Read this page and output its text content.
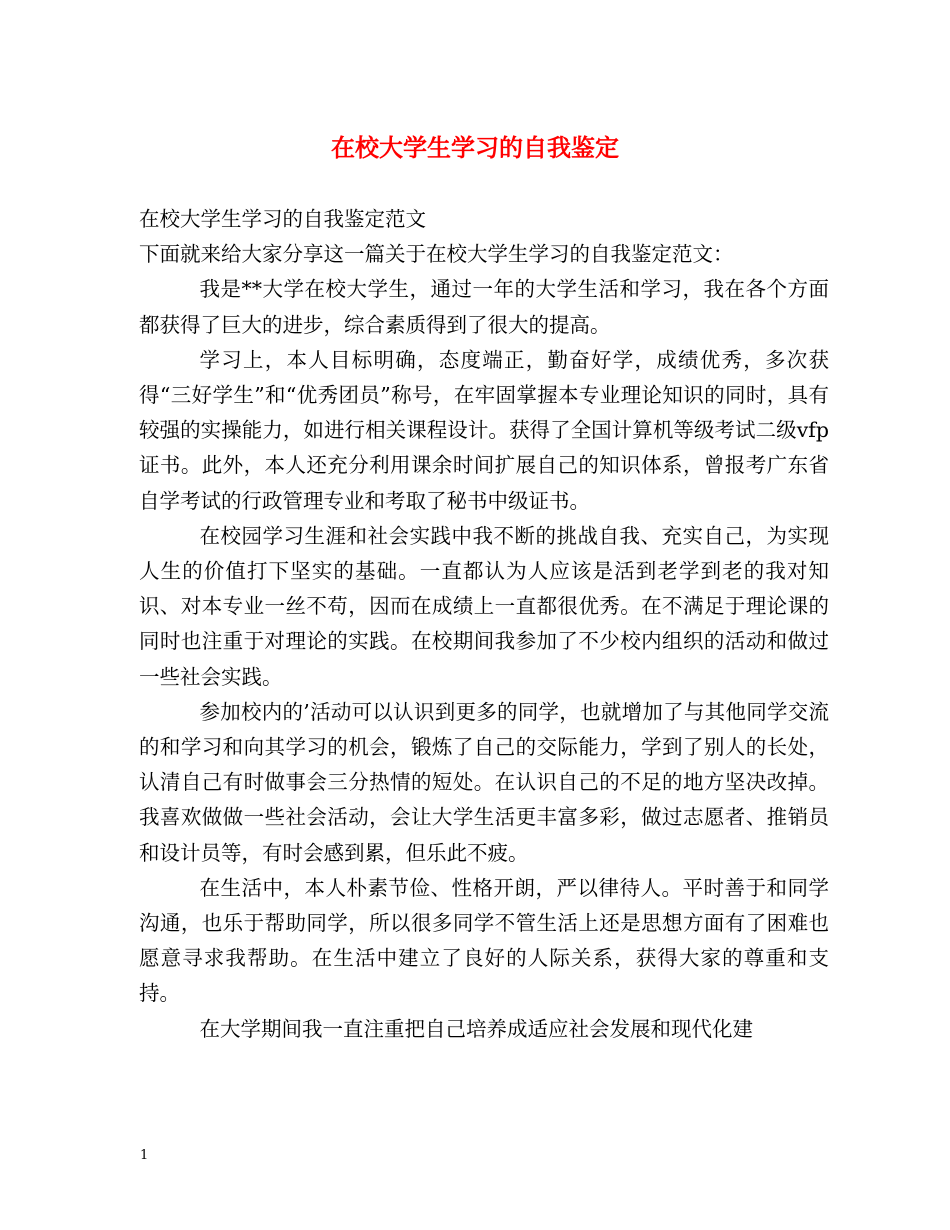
在校大学生学习的自我鉴定

在校大学生学习的自我鉴定范文

下面就来给大家分享这一篇关于在校大学生学习的自我鉴定范文：

我是**大学在校大学生，通过一年的大学生活和学习，我在各个方面都获得了巨大的进步，综合素质得到了很大的提高。

学习上，本人目标明确，态度端正，勤奋好学，成绩优秀，多次获得“三好学生”和“优秀团员”称号，在牢固掌握本专业理论知识的同时，具有较强的实操能力，如进行相关课程设计。获得了全国计算机等级考试二级vfp证书。此外，本人还充分利用课余时间扩展自己的知识体系，曾报考广东省自学考试的行政管理专业和考取了秘书中级证书。

在校园学习生涯和社会实践中我不断的挑战自我、充实自己，为实现人生的价值打下坚实的基础。一直都认为人应该是活到老学到老的我对知识、对本专业一丝不苟，因而在成绩上一直都很优秀。在不满足于理论课的同时也注重于对理论的实践。在校期间我参加了不少校内组织的活动和做过一些社会实践。

参加校内的’活动可以认识到更多的同学，也就增加了与其他同学交流的和学习和向其学习的机会，锻炼了自己的交际能力，学到了别人的长处，认清自己有时做事会三分热情的短处。在认识自己的不足的地方坚决改掉。我喜欢做做一些社会活动，会让大学生活更丰富多彩，做过志愿者、推销员和设计员等，有时会感到累，但乐此不疲。

在生活中，本人朴素节俭、性格开朗，严以律待人。平时善于和同学沟通，也乐于帮助同学，所以很多同学不管生活上还是思想方面有了困难也愿意寻求我帮助。在生活中建立了良好的人际关系，获得大家的尊重和支持。

在大学期间我一直注重把自己培养成适应社会发展和现代化建

1
